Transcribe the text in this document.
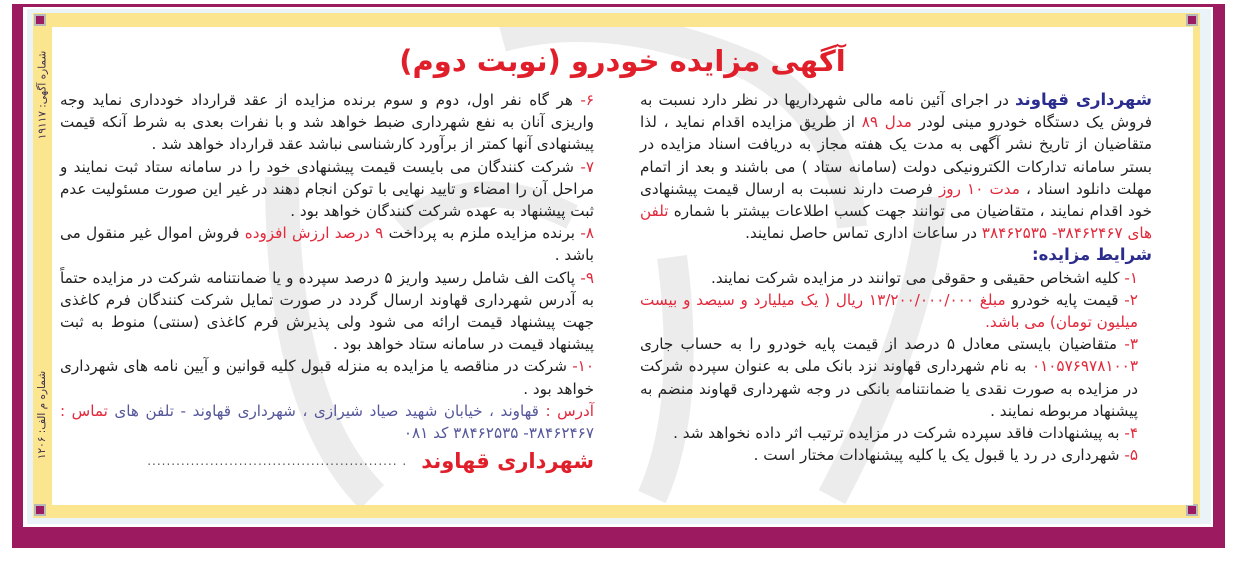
شماره آگهی: ۱۹۱۱۷
شماره م الف: ۱۲۰۶
آگهی مزایده خودرو (نوبت دوم)

شهرداری قهاوند در اجرای آئین نامه مالی شهرداریها در نظر دارد نسبت به فروش یک دستگاه خودرو مینی لودر مدل ۸۹ از طریق مزایده اقدام نماید ، لذا متقاضیان از تاریخ نشر آگهی به مدت یک هفته مجاز به دریافت اسناد مزایده در بستر سامانه تدارکات الکترونیکی دولت (سامانه ستاد ) می باشند و بعد از اتمام مهلت دانلود اسناد ، مدت ۱۰ روز فرصت دارند نسبت به ارسال قیمت پیشنهادی خود اقدام نمایند ، متقاضیان می توانند جهت کسب اطلاعات بیشتر با شماره تلفن های ۳۸۴۶۲۴۶۷- ۳۸۴۶۲۵۳۵ در ساعات اداری تماس حاصل نمایند.

شرایط مزایده:

۱- کلیه اشخاص حقیقی و حقوقی می توانند در مزایده شرکت نمایند.

۲- قیمت پایه خودرو مبلغ ۱۳/۲۰۰/۰۰۰/۰۰۰ ریال ( یک میلیارد و سیصد و بیست میلیون تومان) می باشد.

۳- متقاضیان بایستی معادل ۵ درصد از قیمت پایه خودرو را به حساب جاری ۰۱۰۵۷۶۹۷۸۱۰۰۳ به نام شهرداری قهاوند نزد بانک ملی به عنوان سپرده شرکت در مزایده به صورت نقدی یا ضمانتنامه بانکی در وجه شهرداری قهاوند منضم به پیشنهاد مربوطه نمایند .

۴- به پیشنهادات فاقد سپرده شرکت در مزایده ترتیب اثر داده نخواهد شد .

۵- شهرداری در رد یا قبول یک یا کلیه پیشنهادات مختار است .

۶- هر گاه نفر اول، دوم و سوم برنده مزایده از عقد قرارداد خودداری نماید وجه واریزی آنان به نفع شهرداری ضبط خواهد شد و با نفرات بعدی به شرط آنکه قیمت پیشنهادی آنها کمتر از برآورد کارشناسی نباشد عقد قرارداد خواهد شد .

۷- شرکت کنندگان می بایست قیمت پیشنهادی خود را در سامانه ستاد ثبت نمایند و مراحل آن را امضاء و تایید نهایی با توکن انجام دهند در غیر این صورت مسئولیت عدم ثبت پیشنهاد به عهده شرکت کنندگان خواهد بود .

۸- برنده مزایده ملزم به پرداخت ۹ درصد ارزش افزوده فروش اموال غیر منقول می باشد .

۹- پاکت الف شامل رسید واریز ۵ درصد سپرده و یا ضمانتنامه شرکت در مزایده حتماً به آدرس شهرداری قهاوند ارسال گردد در صورت تمایل شرکت کنندگان فرم کاغذی جهت پیشنهاد قیمت ارائه می شود ولی پذیرش فرم کاغذی (سنتی) منوط به ثبت پیشنهاد قیمت در سامانه ستاد خواهد بود .

۱۰- شرکت در مناقصه یا مزایده به منزله قبول کلیه قوانین و آیین نامه های شهرداری خواهد بود .

آدرس : قهاوند ، خیابان شهید صیاد شیرازی ، شهرداری قهاوند - تلفن های تماس : ۳۸۴۶۲۴۶۷- ۳۸۴۶۲۵۳۵ کد ۰۸۱

شهرداری قهاوند
. ....................................................
